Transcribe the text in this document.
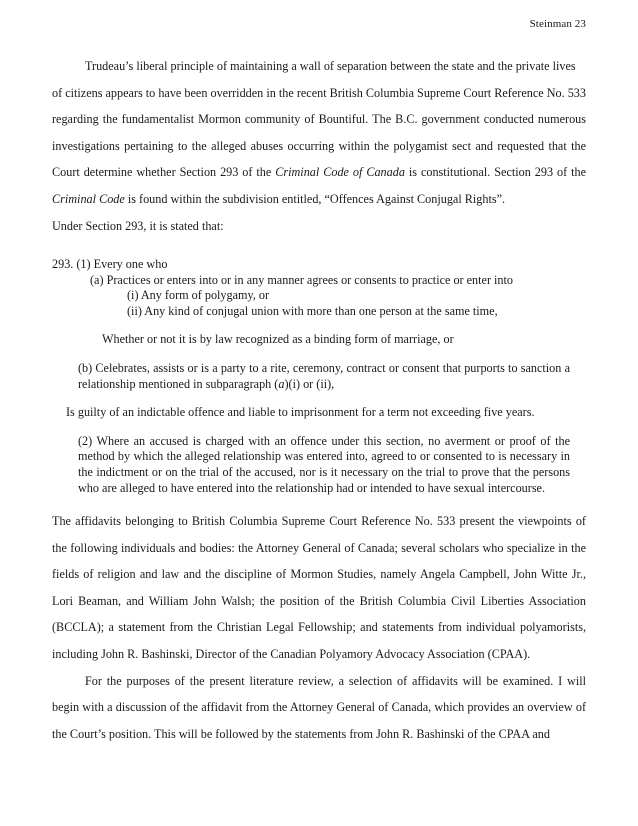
Steinman 23

Trudeau’s liberal principle of maintaining a wall of separation between the state and the private lives

of citizens appears to have been overridden in the recent British Columbia Supreme Court Reference No. 533 regarding the fundamentalist Mormon community of Bountiful. The B.C. government conducted numerous investigations pertaining to the alleged abuses occurring within the polygamist sect and requested that the Court determine whether Section 293 of the Criminal Code of Canada is constitutional. Section 293 of the Criminal Code is found within the subdivision entitled, “Offences Against Conjugal Rights”.

Under Section 293, it is stated that:

293. (1) Every one who

(a) Practices or enters into or in any manner agrees or consents to practice or enter into

(i) Any form of polygamy, or

(ii) Any kind of conjugal union with more than one person at the same time,

Whether or not it is by law recognized as a binding form of marriage, or

(b) Celebrates, assists or is a party to a rite, ceremony, contract or consent that purports to sanction a relationship mentioned in subparagraph (a)(i) or (ii),

Is guilty of an indictable offence and liable to imprisonment for a term not exceeding five years.

(2) Where an accused is charged with an offence under this section, no averment or proof of the method by which the alleged relationship was entered into, agreed to or consented to is necessary in the indictment or on the trial of the accused, nor is it necessary on the trial to prove that the persons who are alleged to have entered into the relationship had or intended to have sexual intercourse.

The affidavits belonging to British Columbia Supreme Court Reference No. 533 present the viewpoints of the following individuals and bodies: the Attorney General of Canada; several scholars who specialize in the fields of religion and law and the discipline of Mormon Studies, namely Angela Campbell, John Witte Jr., Lori Beaman, and William John Walsh; the position of the British Columbia Civil Liberties Association (BCCLA); a statement from the Christian Legal Fellowship; and statements from individual polyamorists, including John R. Bashinski, Director of the Canadian Polyamory Advocacy Association (CPAA).

For the purposes of the present literature review, a selection of affidavits will be examined. I will begin with a discussion of the affidavit from the Attorney General of Canada, which provides an overview of the Court’s position. This will be followed by the statements from John R. Bashinski of the CPAA and
